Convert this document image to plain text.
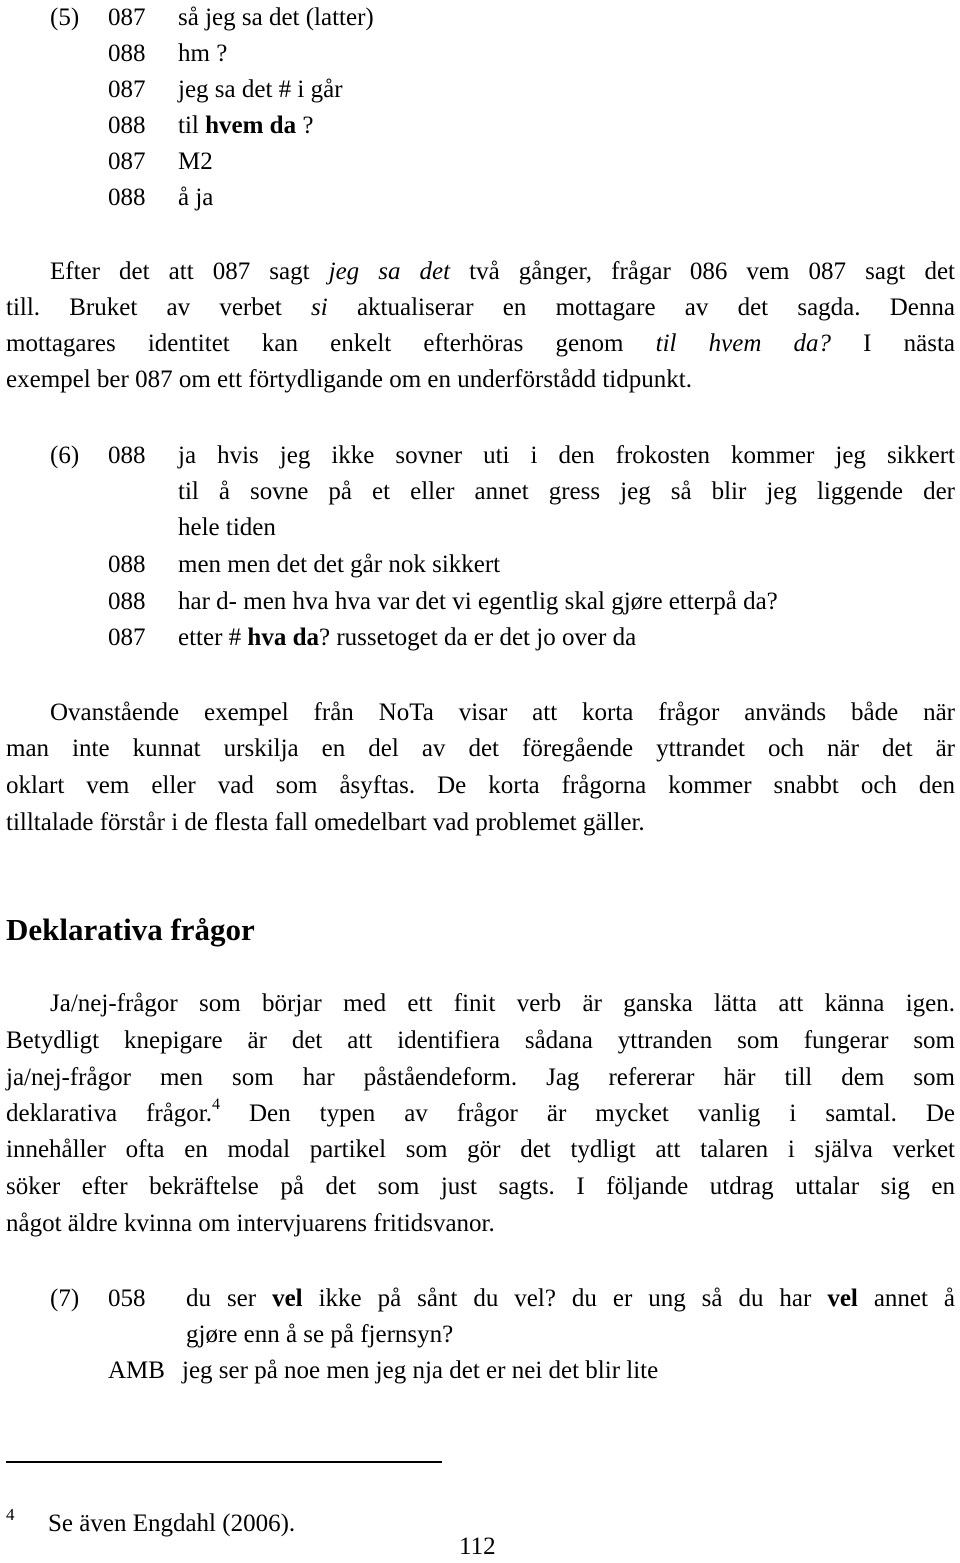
(5) 087 så jeg sa det (latter)
088 hm ?
087 jeg sa det # i går
088 til hvem da ?
087 M2
088 å ja
Efter det att 087 sagt jeg sa det två gånger, frågar 086 vem 087 sagt det
till. Bruket av verbet si aktualiserar en mottagare av det sagda. Denna
mottagares identitet kan enkelt efterhöras genom til hvem da? I nästa
exempel ber 087 om ett förtydligande om en underförstådd tidpunkt.
(6) 088 ja hvis jeg ikke sovner uti i den frokosten kommer jeg sikkert
til å sovne på et eller annet gress jeg så blir jeg liggende der
hele tiden
088 men men det det går nok sikkert
088 har d- men hva hva var det vi egentlig skal gjøre etterpå da?
087 etter # hva da? russetoget da er det jo over da
Ovanstående exempel från NoTa visar att korta frågor används både när
man inte kunnat urskilja en del av det föregående yttrandet och när det är
oklart vem eller vad som åsyftas. De korta frågorna kommer snabbt och den
tilltalade förstår i de flesta fall omedelbart vad problemet gäller.
Deklarativa frågor
Ja/nej-frågor som börjar med ett finit verb är ganska lätta att känna igen.
Betydligt knepigare är det att identifiera sådana yttranden som fungerar som
ja/nej-frågor men som har påståendeform. Jag refererar här till dem som
deklarativa frågor.$^4$ Den typen av frågor är mycket vanlig i samtal. De
innehåller ofta en modal partikel som gör det tydligt att talaren i själva verket
söker efter bekräftelse på det som just sagts. I följande utdrag uttalar sig en
något äldre kvinna om intervjuarens fritidsvanor.
(7) 058 du ser vel ikke på sånt du vel? du er ung så du har vel annet å
gjøre enn å se på fjernsyn?
AMB jeg ser på noe men jeg nja det er nei det blir lite
4 Se även Engdahl (2006).
112
